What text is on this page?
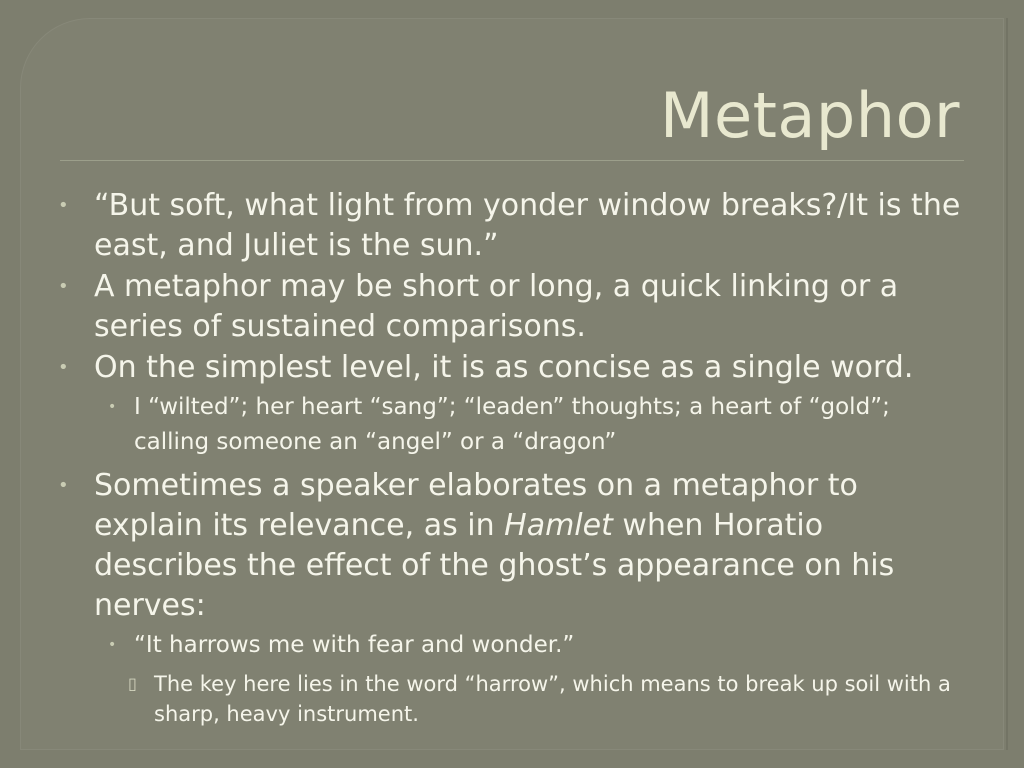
Metaphor
• “But soft, what light from yonder window breaks?/It is the east, and Juliet is the sun.”
• A metaphor may be short or long, a quick linking or a series of sustained comparisons.
• On the simplest level, it is as concise as a single word.
• I “wilted”; her heart “sang”; “leaden” thoughts; a heart of “gold”; calling someone an “angel” or a “dragon”
• Sometimes a speaker elaborates on a metaphor to explain its relevance, as in Hamlet when Horatio describes the effect of the ghost’s appearance on his nerves:
• “It harrows me with fear and wonder.”
▯ The key here lies in the word “harrow”, which means to break up soil with a sharp, heavy instrument.
